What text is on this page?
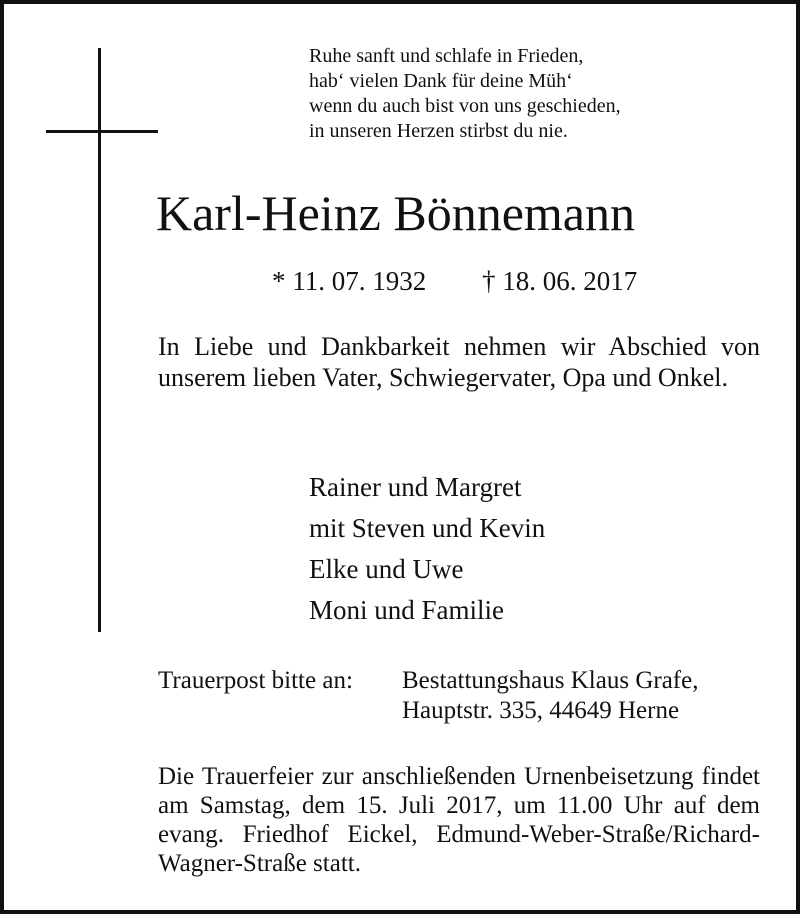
Ruhe sanft und schlafe in Frieden,
hab‘ vielen Dank für deine Müh‘
wenn du auch bist von uns geschieden,
in unseren Herzen stirbst du nie.
Karl-Heinz Bönnemann
* 11. 07. 1932 † 18. 06. 2017
In Liebe und Dankbarkeit nehmen wir Abschied von unserem lieben Vater, Schwiegervater, Opa und Onkel.
Rainer und Margret
mit Steven und Kevin
Elke und Uwe
Moni und Familie
Trauerpost bitte an: Bestattungshaus Klaus Grafe,
Hauptstr. 335, 44649 Herne
Die Trauerfeier zur anschließenden Urnenbeisetzung findet am Samstag, dem 15. Juli 2017, um 11.00 Uhr auf dem evang. Friedhof Eickel, Edmund-Weber-Straße/Richard-Wagner-Straße statt.
